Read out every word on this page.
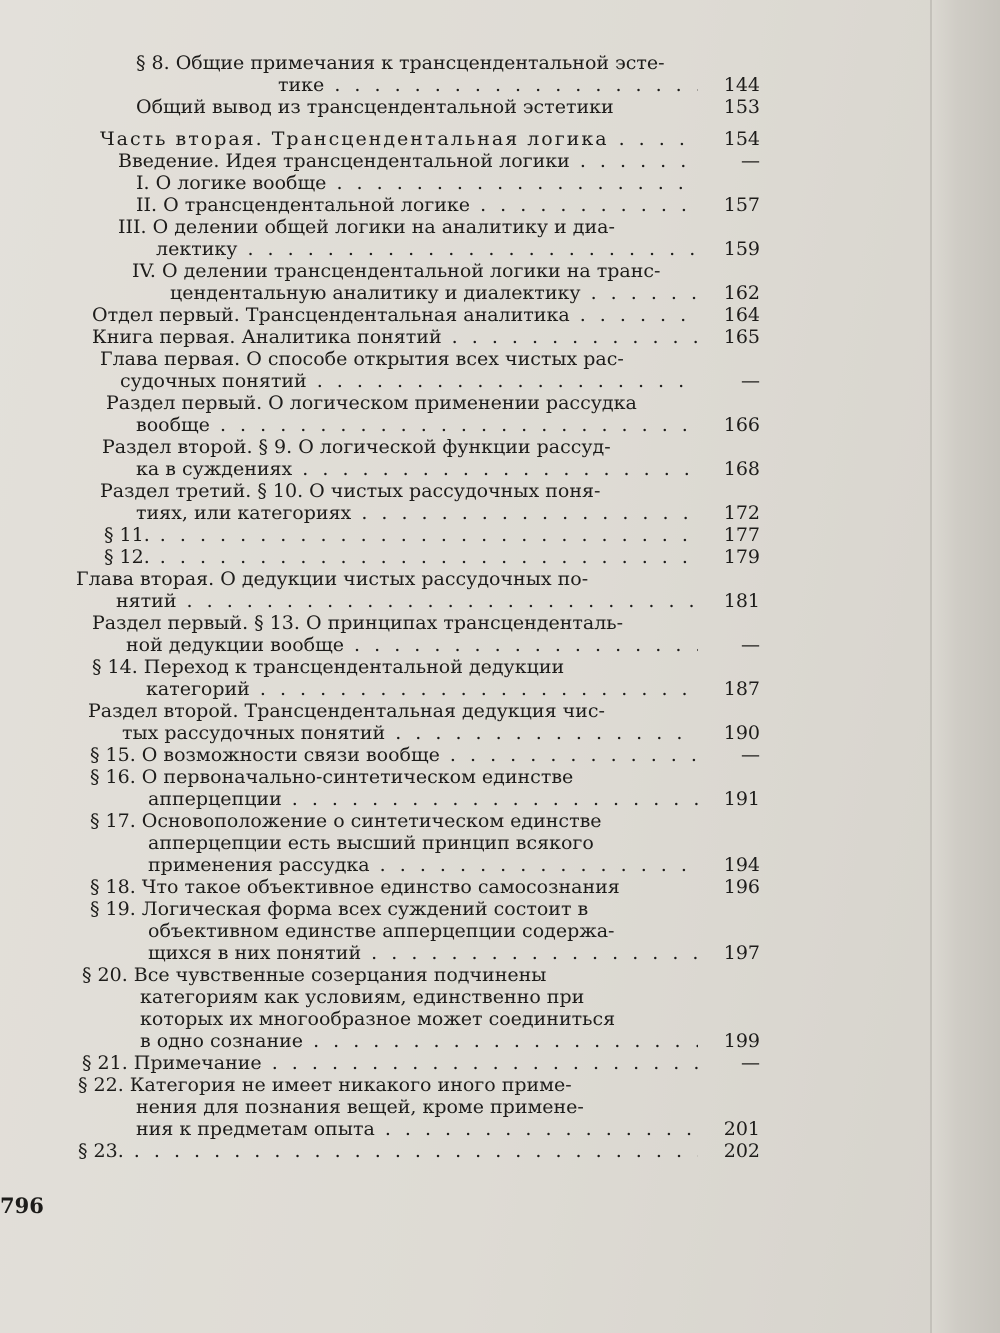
§ 8. Общие примечания к трансцендентальной эсте-
тике . . .	144
Общий вывод из трансцендентальной эстетики	153
Часть вторая. Трансцендентальная логика . . .	154
Введение. Идея трансцендентальной логики . . .	—
I. О логике вообще . . .
II. О трансцендентальной логике . . .	157
III. О делении общей логики на аналитику и диа-
лектику . . .	159
IV. О делении трансцендентальной логики на транс-
цендентальную аналитику и диалектику . . .	162
Отдел первый. Трансцендентальная аналитика . . .	164
Книга первая. Аналитика понятий . . .	165
Глава первая. О способе открытия всех чистых рас-
судочных понятий . . .	—
Раздел первый. О логическом применении рассудка
вообще . . .	166
Раздел второй. § 9. О логической функции рассуд-
ка в суждениях . . .	168
Раздел третий. § 10. О чистых рассудочных поня-
тиях, или категориях . . .	172
§ 11. . . .	177
§ 12. . . .	179
Глава вторая. О дедукции чистых рассудочных по-
нятий . . .	181
Раздел первый. § 13. О принципах трансценденталь-
ной дедукции вообще . . .	—
§ 14. Переход к трансцендентальной дедукции
категорий . . .	187
Раздел второй. Трансцендентальная дедукция чис-
тых рассудочных понятий . . .	190
§ 15. О возможности связи вообще . . .	—
§ 16. О первоначально-синтетическом единстве
апперцепции . . .	191
§ 17. Основоположение о синтетическом единстве
апперцепции есть высший принцип всякого
применения рассудка . . .	194
§ 18. Что такое объективное единство самосознания	196
§ 19. Логическая форма всех суждений состоит в
объективном единстве апперцепции содержа-
щихся в них понятий . . .	197
§ 20. Все чувственные созерцания подчинены
категориям как условиям, единственно при
которых их многообразное может соединиться
в одно сознание . . .	199
§ 21. Примечание . . .	—
§ 22. Категория не имеет никакого иного приме-
нения для познания вещей, кроме примене-
ния к предметам опыта . . .	201
§ 23. . . .	202
796
